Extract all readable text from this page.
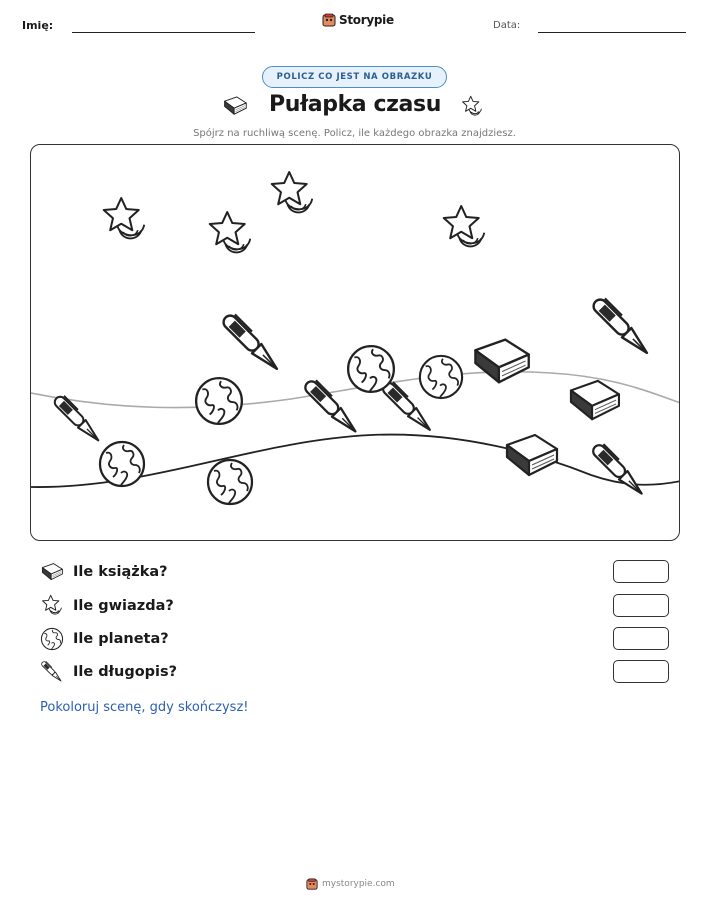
Imię:	Storypie	Data:
POLICZ CO JEST NA OBRAZKU
Pułapka czasu
Spójrz na ruchliwą scenę. Policz, ile każdego obrazka znajdziesz.
Ile książka?
Ile gwiazda?
Ile planeta?
Ile długopis?
Pokoloruj scenę, gdy skończysz!
mystorypie.com
